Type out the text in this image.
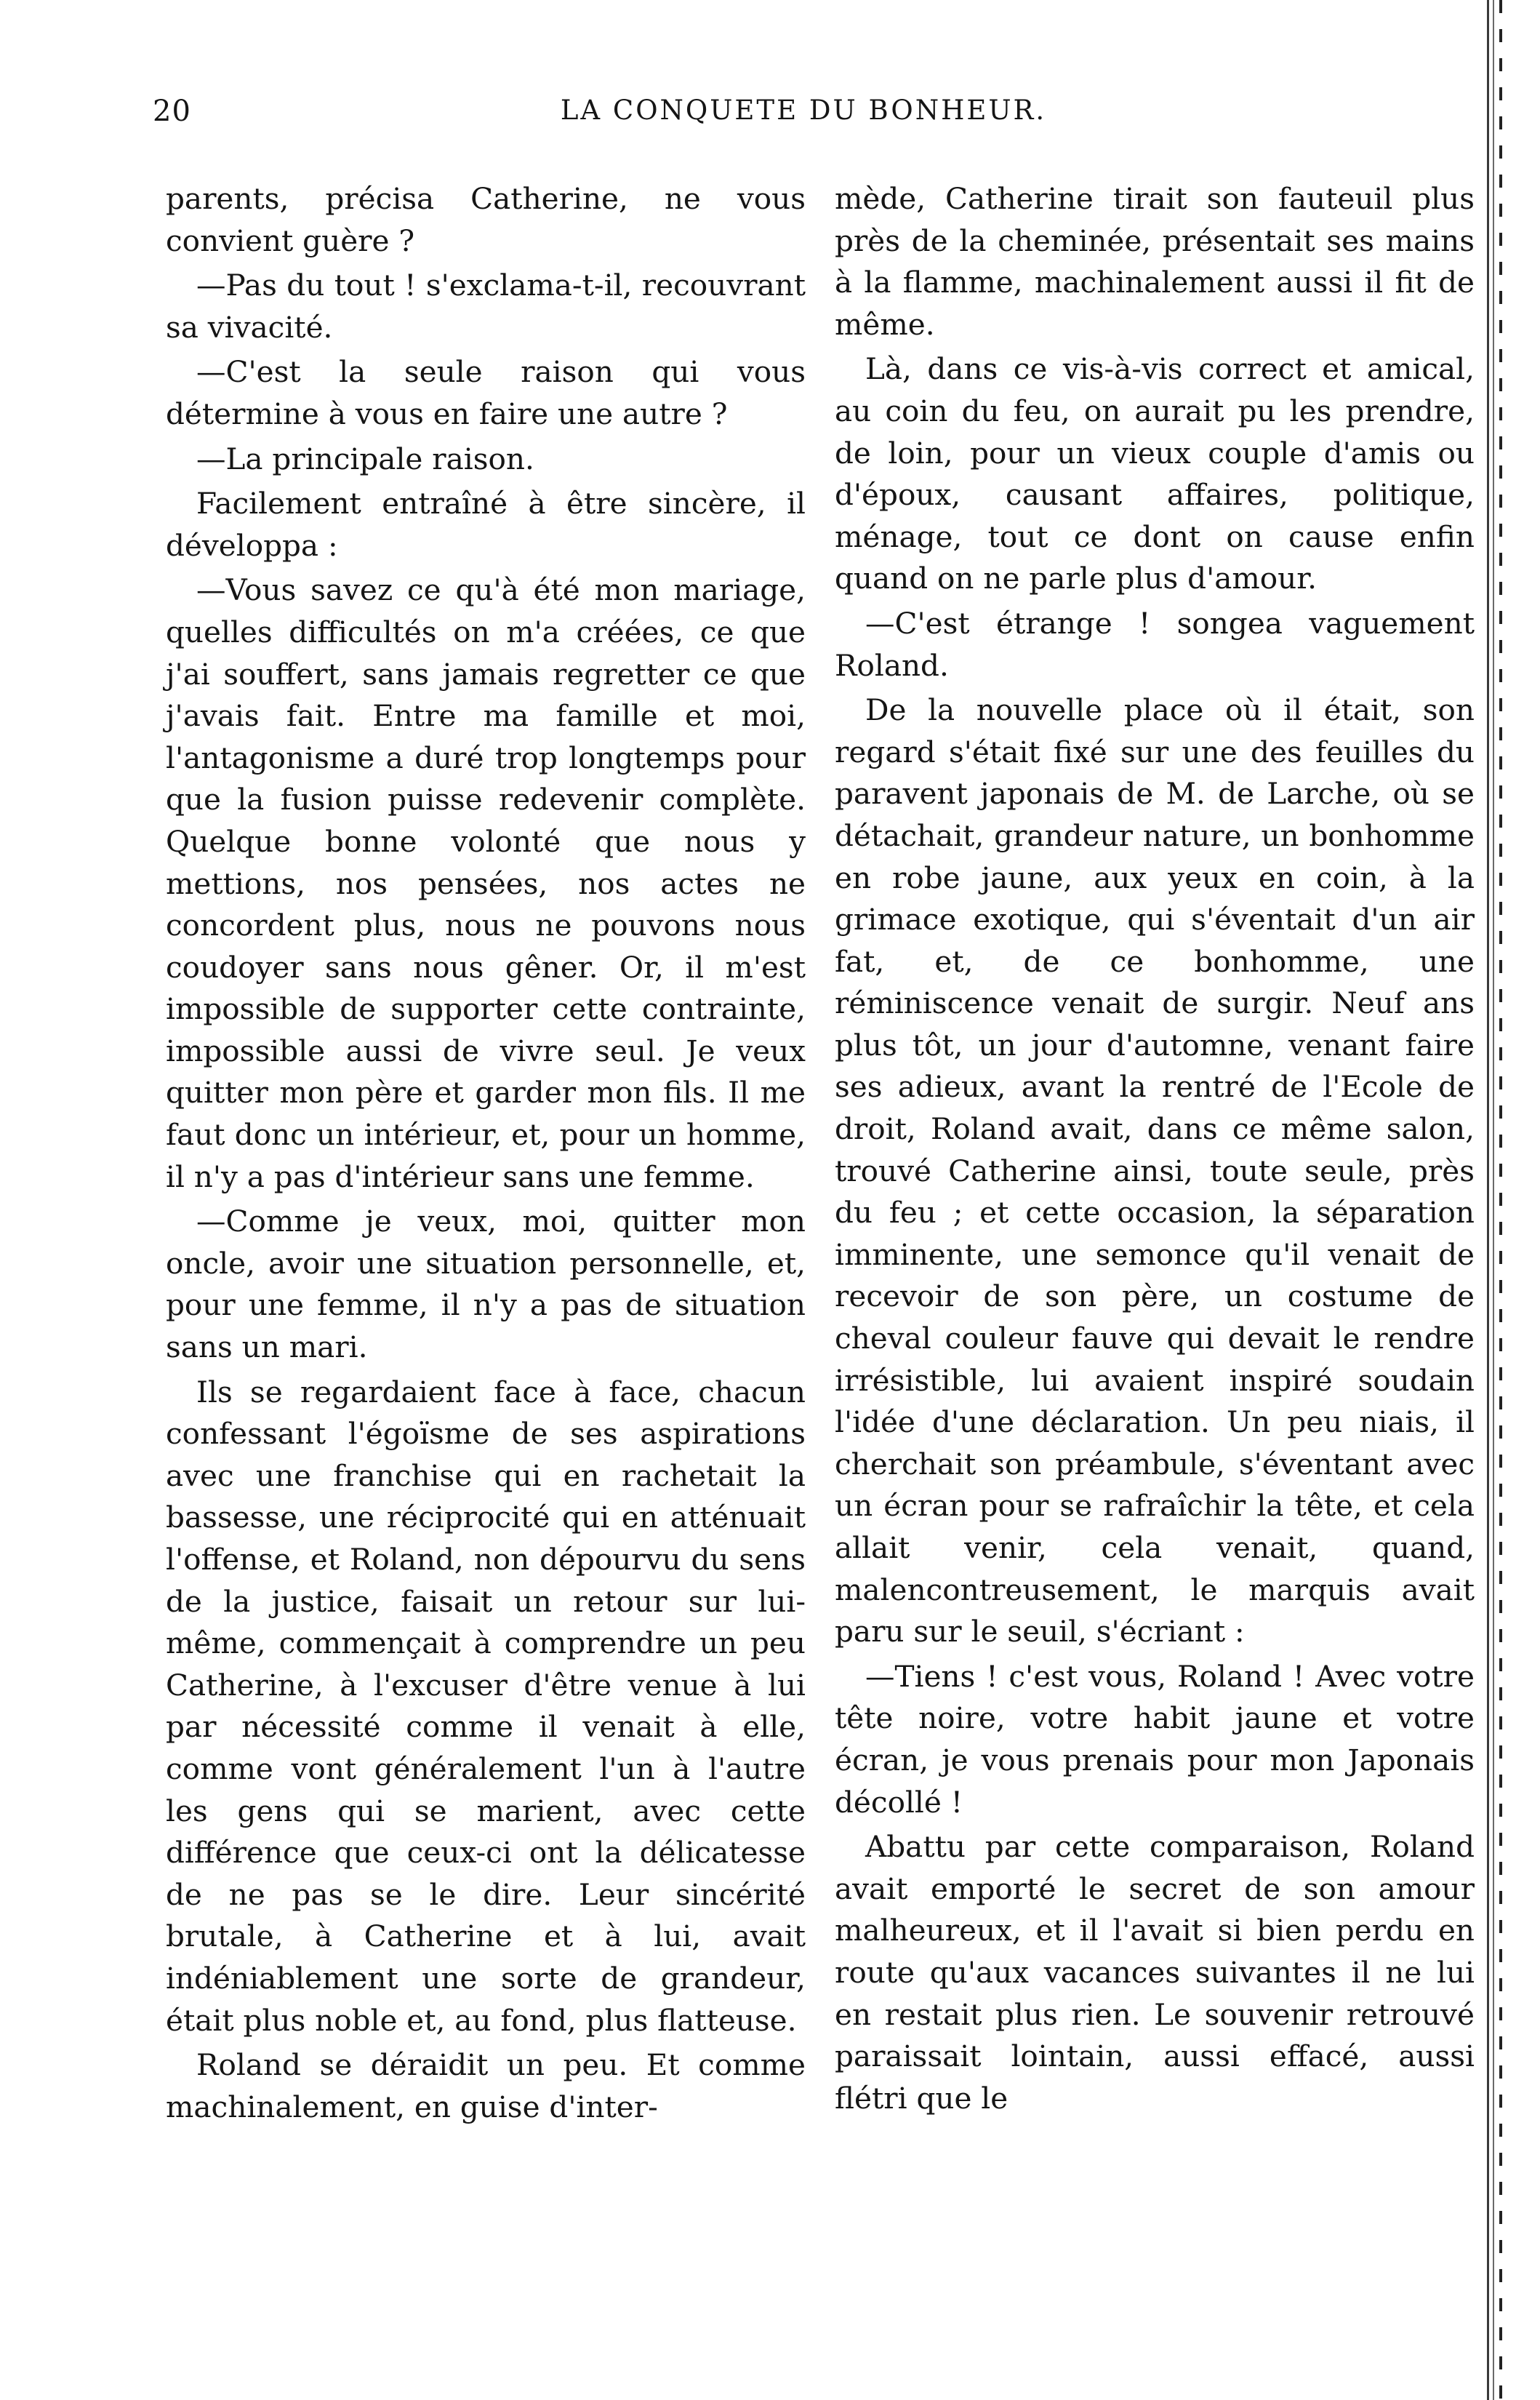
20	LA CONQUETE DU BONHEUR.

parents, précisa Catherine, ne vous convient guère ?

—Pas du tout ! s'exclama-t-il, recouvrant sa vivacité.

—C'est la seule raison qui vous détermine à vous en faire une autre ?

—La principale raison.

Facilement entraîné à être sincère, il développa :

—Vous savez ce qu'à été mon mariage, quelles difficultés on m'a créées, ce que j'ai souffert, sans jamais regretter ce que j'avais fait. Entre ma famille et moi, l'antagonisme a duré trop longtemps pour que la fusion puisse redevenir complète. Quelque bonne volonté que nous y mettions, nos pensées, nos actes ne concordent plus, nous ne pouvons nous coudoyer sans nous gêner. Or, il m'est impossible de supporter cette contrainte, impossible aussi de vivre seul. Je veux quitter mon père et garder mon fils. Il me faut donc un intérieur, et, pour un homme, il n'y a pas d'intérieur sans une femme.

—Comme je veux, moi, quitter mon oncle, avoir une situation personnelle, et, pour une femme, il n'y a pas de situation sans un mari.

Ils se regardaient face à face, chacun confessant l'égoïsme de ses aspirations avec une franchise qui en rachetait la bassesse, une réciprocité qui en atténuait l'offense, et Roland, non dépourvu du sens de la justice, faisait un retour sur lui-même, commençait à comprendre un peu Catherine, à l'excuser d'être venue à lui par nécessité comme il venait à elle, comme vont généralement l'un à l'autre les gens qui se marient, avec cette différence que ceux-ci ont la délicatesse de ne pas se le dire. Leur sincérité brutale, à Catherine et à lui, avait indéniablement une sorte de grandeur, était plus noble et, au fond, plus flatteuse.

Roland se déraidit un peu. Et comme machinalement, en guise d'inter-

mède, Catherine tirait son fauteuil plus près de la cheminée, présentait ses mains à la flamme, machinalement aussi il fit de même.

Là, dans ce vis-à-vis correct et amical, au coin du feu, on aurait pu les prendre, de loin, pour un vieux couple d'amis ou d'époux, causant affaires, politique, ménage, tout ce dont on cause enfin quand on ne parle plus d'amour.

—C'est étrange ! songea vaguement Roland.

De la nouvelle place où il était, son regard s'était fixé sur une des feuilles du paravent japonais de M. de Larche, où se détachait, grandeur nature, un bonhomme en robe jaune, aux yeux en coin, à la grimace exotique, qui s'éventait d'un air fat, et, de ce bonhomme, une réminiscence venait de surgir. Neuf ans plus tôt, un jour d'automne, venant faire ses adieux, avant la rentré de l'Ecole de droit, Roland avait, dans ce même salon, trouvé Catherine ainsi, toute seule, près du feu ; et cette occasion, la séparation imminente, une semonce qu'il venait de recevoir de son père, un costume de cheval couleur fauve qui devait le rendre irrésistible, lui avaient inspiré soudain l'idée d'une déclaration. Un peu niais, il cherchait son préambule, s'éventant avec un écran pour se rafraîchir la tête, et cela allait venir, cela venait, quand, malencontreusement, le marquis avait paru sur le seuil, s'écriant :

—Tiens ! c'est vous, Roland ! Avec votre tête noire, votre habit jaune et votre écran, je vous prenais pour mon Japonais décollé !

Abattu par cette comparaison, Roland avait emporté le secret de son amour malheureux, et il l'avait si bien perdu en route qu'aux vacances suivantes il ne lui en restait plus rien. Le souvenir retrouvé paraissait lointain, aussi effacé, aussi flétri que le
